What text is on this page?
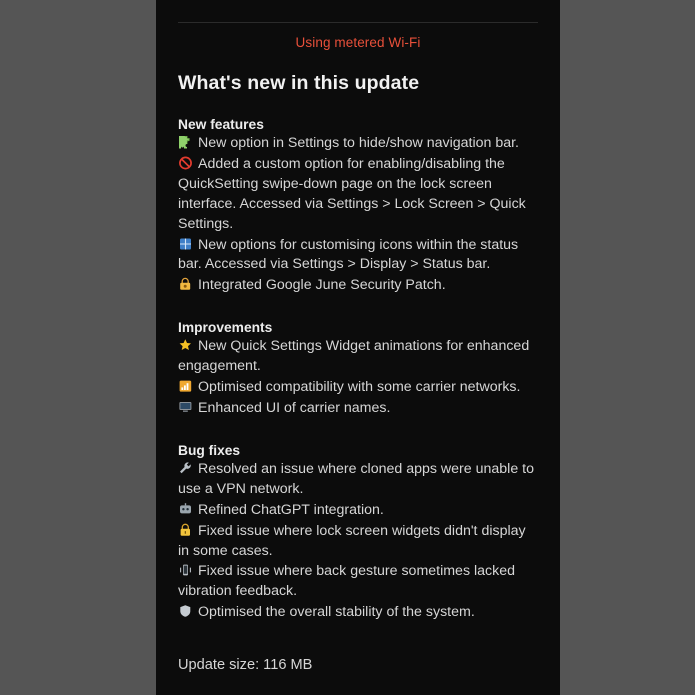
Using metered Wi-Fi
What's new in this update
New features
New option in Settings to hide/show navigation bar.
Added a custom option for enabling/disabling the QuickSetting swipe-down page on the lock screen interface. Accessed via Settings > Lock Screen > Quick Settings.
New options for customising icons within the status bar. Accessed via Settings > Display > Status bar.
Integrated Google June Security Patch.
Improvements
New Quick Settings Widget animations for enhanced engagement.
Optimised compatibility with some carrier networks.
Enhanced UI of carrier names.
Bug fixes
Resolved an issue where cloned apps were unable to use a VPN network.
Refined ChatGPT integration.
Fixed issue where lock screen widgets didn't display in some cases.
Fixed issue where back gesture sometimes lacked vibration feedback.
Optimised the overall stability of the system.
Update size: 116 MB
